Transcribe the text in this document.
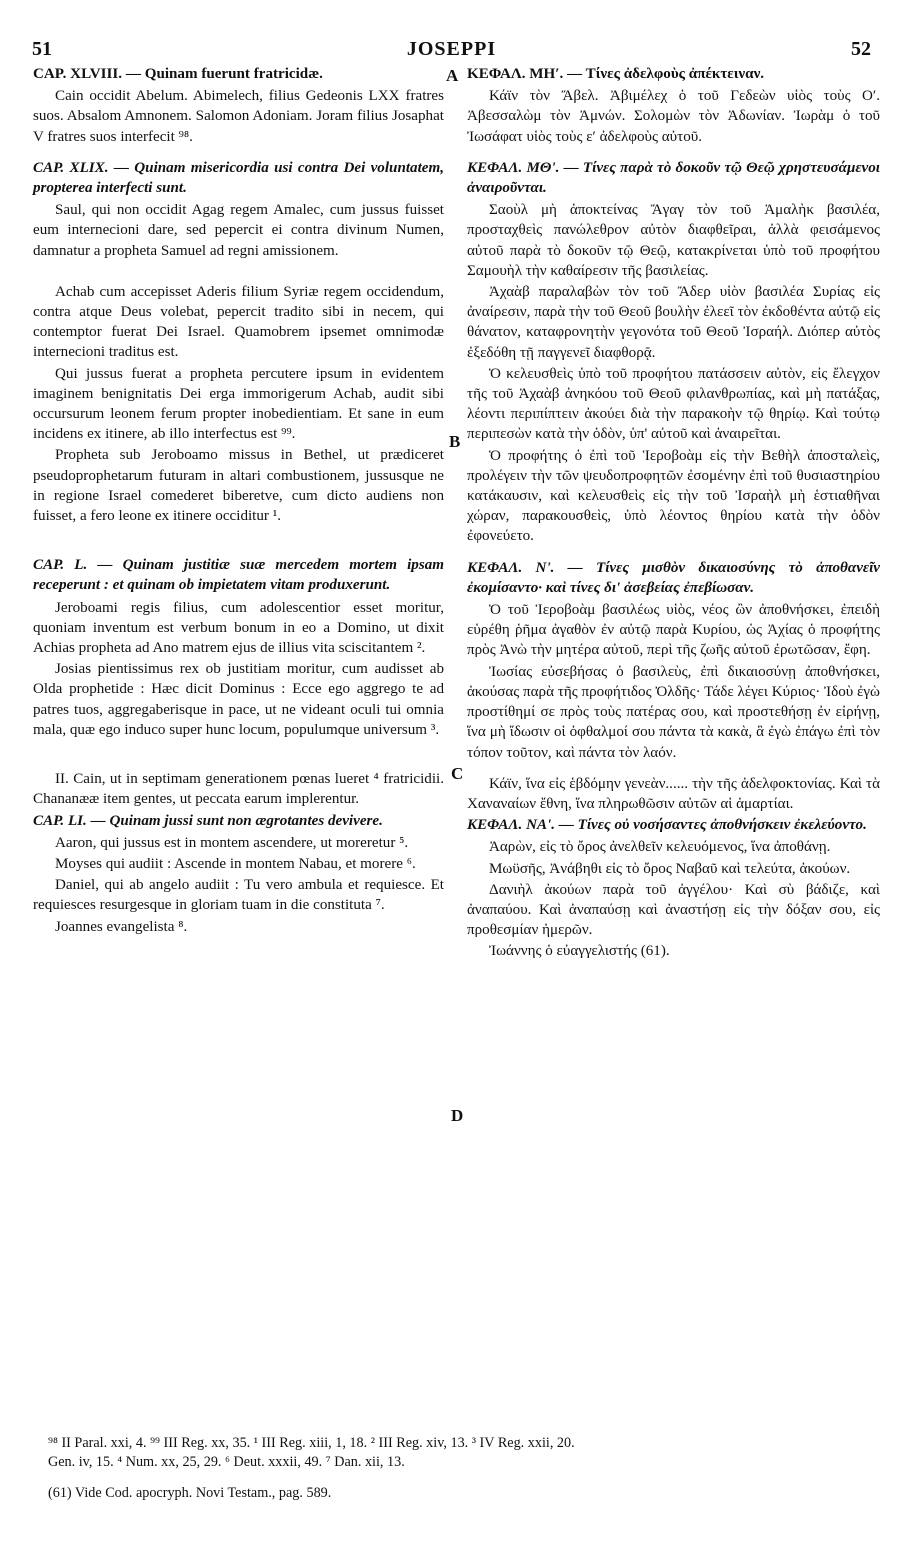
51	JOSEPPI	52
A
B
C
D

CAP. XLVIII. — Quinam fuerunt fratricidæ.

Cain occidit Abelum. Abimelech, filius Gedeonis LXX fratres suos. Absalom Amnonem. Salomon Adoniam. Joram filius Josaphat V fratres suos interfecit ⁹⁸.

CAP. XLIX. — Quinam misericordia usi contra Dei voluntatem, propterea interfecti sunt.

Saul, qui non occidit Agag regem Amalec, cum jussus fuisset eum internecioni dare, sed pepercit ei contra divinum Numen, damnatur a propheta Samuel ad regni amissionem.

Achab cum accepisset Aderis filium Syriæ regem occidendum, contra atque Deus volebat, pepercit tradito sibi in necem, qui contemptor fuerat Dei Israel. Quamobrem ipsemet omnimodæ internecioni traditus est.

Qui jussus fuerat a propheta percutere ipsum in evidentem imaginem benignitatis Dei erga immorigerum Achab, audit sibi occursurum leonem ferum propter inobedientiam. Et sane in eum incidens ex itinere, ab illo interfectus est ⁹⁹.

Propheta sub Jeroboamo missus in Bethel, ut prædiceret pseudoprophetarum futuram in altari combustionem, jussusque ne in regione Israel comederet biberetve, cum dicto audiens non fuisset, a fero leone ex itinere occiditur ¹.

CAP. L. — Quinam justitiæ suæ mercedem mortem ipsam receperunt : et quinam ob impietatem vitam produxerunt.

Jeroboami regis filius, cum adolescentior esset moritur, quoniam inventum est verbum bonum in eo a Domino, ut dixit Achias propheta ad Ano matrem ejus de illius vita sciscitantem ².

Josias pientissimus rex ob justitiam moritur, cum audisset ab Olda prophetide : Hæc dicit Dominus : Ecce ego aggrego te ad patres tuos, aggregaberisque in pace, ut ne videant oculi tui omnia mala, quæ ego induco super hunc locum, populumque universum ³.

II. Cain, ut in septimam generationem pœnas lueret ⁴ fratricidii. Chananææ item gentes, ut peccata earum implerentur.

CAP. LI. — Quinam jussi sunt non ægrotantes devivere.

Aaron, qui jussus est in montem ascendere, ut moreretur ⁵.

Moyses qui audiit : Ascende in montem Nabau, et morere ⁶.

Daniel, qui ab angelo audiit : Tu vero ambula et requiesce. Et requiesces resurgesque in gloriam tuam in die constituta ⁷.

Joannes evangelista ⁸.

ΚΕΦΑΛ. ΜΗʹ. — Τίνες ἀδελφοὺς ἀπέκτειναν.

Κάϊν τὸν Ἄβελ. Ἀβιμέλεχ ὁ τοῦ Γεδεὼν υἱὸς τοὺς Οʹ. Ἀβεσσαλὼμ τὸν Ἀμνών. Σολομὼν τὸν Ἀδωνίαν. Ἰωρὰμ ὁ τοῦ Ἰωσάφατ υἱὸς τοὺς εʹ ἀδελφοὺς αὐτοῦ.

ΚΕΦΑΛ. ΜΘʹ. — Τίνες παρὰ τὸ δοκοῦν τῷ Θεῷ χρηστευσάμενοι ἀναιροῦνται.

Σαοὺλ μὴ ἀποκτείνας Ἄγαγ τὸν τοῦ Ἀμαλὴκ βασιλέα, προσταχθεὶς πανώλεθρον αὐτὸν διαφθεῖραι, ἀλλὰ φεισάμενος αὐτοῦ παρὰ τὸ δοκοῦν τῷ Θεῷ, κατακρίνεται ὑπὸ τοῦ προφήτου Σαμουὴλ τὴν καθαίρεσιν τῆς βασιλείας.

Ἀχαὰβ παραλαβὼν τὸν τοῦ Ἄδερ υἱὸν βασιλέα Συρίας εἰς ἀναίρεσιν, παρὰ τὴν τοῦ Θεοῦ βουλὴν ἐλεεῖ τὸν ἐκδοθέντα αὐτῷ εἰς θάνατον, καταφρονητὴν γεγονότα τοῦ Θεοῦ Ἰσραήλ. Διόπερ αὐτὸς ἐξεδόθη τῇ παγγενεῖ διαφθορᾷ.

Ὁ κελευσθεὶς ὑπὸ τοῦ προφήτου πατάσσειν αὐτὸν, εἰς ἔλεγχον τῆς τοῦ Ἀχαὰβ ἀνηκόου τοῦ Θεοῦ φιλανθρωπίας, καὶ μὴ πατάξας, λέοντι περιπίπτειν ἀκούει διὰ τὴν παρακοὴν τῷ θηρίῳ. Καὶ τούτῳ περιπεσὼν κατὰ τὴν ὁδὸν, ὑπ' αὐτοῦ καὶ ἀναιρεῖται.

Ὁ προφήτης ὁ ἐπὶ τοῦ Ἱεροβοὰμ εἰς τὴν Βεθὴλ ἀποσταλεὶς, προλέγειν τὴν τῶν ψευδοπροφητῶν ἐσομένην ἐπὶ τοῦ θυσιαστηρίου κατάκαυσιν, καὶ κελευσθεὶς εἰς τὴν τοῦ Ἰσραὴλ μὴ ἑστιαθῆναι χώραν, παρακουσθεὶς, ὑπὸ λέοντος θηρίου κατὰ τὴν ὁδὸν ἐφονεύετο.

ΚΕΦΑΛ. Νʹ. — Τίνες μισθὸν δικαιοσύνης τὸ ἀποθανεῖν ἐκομίσαντο· καὶ τίνες δι' ἀσεβείας ἐπεβίωσαν.

Ὁ τοῦ Ἱεροβοὰμ βασιλέως υἱὸς, νέος ὢν ἀποθνήσκει, ἐπειδὴ εὑρέθη ῥῆμα ἀγαθὸν ἐν αὐτῷ παρὰ Κυρίου, ὡς Ἀχίας ὁ προφήτης πρὸς Ἀνὼ τὴν μητέρα αὐτοῦ, περὶ τῆς ζωῆς αὐτοῦ ἐρωτῶσαν, ἔφη.

Ἰωσίας εὐσεβήσας ὁ βασιλεὺς, ἐπὶ δικαιοσύνῃ ἀποθνήσκει, ἀκούσας παρὰ τῆς προφήτιδος Ὀλδῆς· Τάδε λέγει Κύριος· Ἰδοὺ ἐγὼ προστίθημί σε πρὸς τοὺς πατέρας σου, καὶ προστεθήσῃ ἐν εἰρήνῃ, ἵνα μὴ ἴδωσιν οἱ ὀφθαλμοί σου πάντα τὰ κακὰ, ἃ ἐγὼ ἐπάγω ἐπὶ τὸν τόπον τοῦτον, καὶ πάντα τὸν λαόν.

Κάϊν, ἵνα εἰς ἑβδόμην γενεὰν...... τὴν τῆς ἀδελφοκτονίας. Καὶ τὰ Χαναναίων ἔθνη, ἵνα πληρωθῶσιν αὐτῶν αἱ ἁμαρτίαι.

ΚΕΦΑΛ. ΝΑʹ. — Τίνες οὐ νοσήσαντες ἀποθνήσκειν ἐκελεύοντο.

Ἀαρὼν, εἰς τὸ ὄρος ἀνελθεῖν κελευόμενος, ἵνα ἀποθάνῃ.

Μωϋσῆς, Ἀνάβηθι εἰς τὸ ὄρος Ναβαῦ καὶ τελεύτα, ἀκούων.

Δανιὴλ ἀκούων παρὰ τοῦ ἀγγέλου· Καὶ σὺ βάδιζε, καὶ ἀναπαύου. Καὶ ἀναπαύσῃ καὶ ἀναστήσῃ εἰς τὴν δόξαν σου, εἰς προθεσμίαν ἡμερῶν.

Ἰωάννης ὁ εὐαγγελιστής (61).

⁹⁸ II Paral. xxi, 4. ⁹⁹ III Reg. xx, 35. ¹ III Reg. xiii, 1, 18. ² III Reg. xiv, 13. ³ IV Reg. xxii, 20.
Gen. iv, 15. ⁴ Num. xx, 25, 29. ⁶ Deut. xxxii, 49. ⁷ Dan. xii, 13.
(61) Vide Cod. apocryph. Novi Testam., pag. 589.
